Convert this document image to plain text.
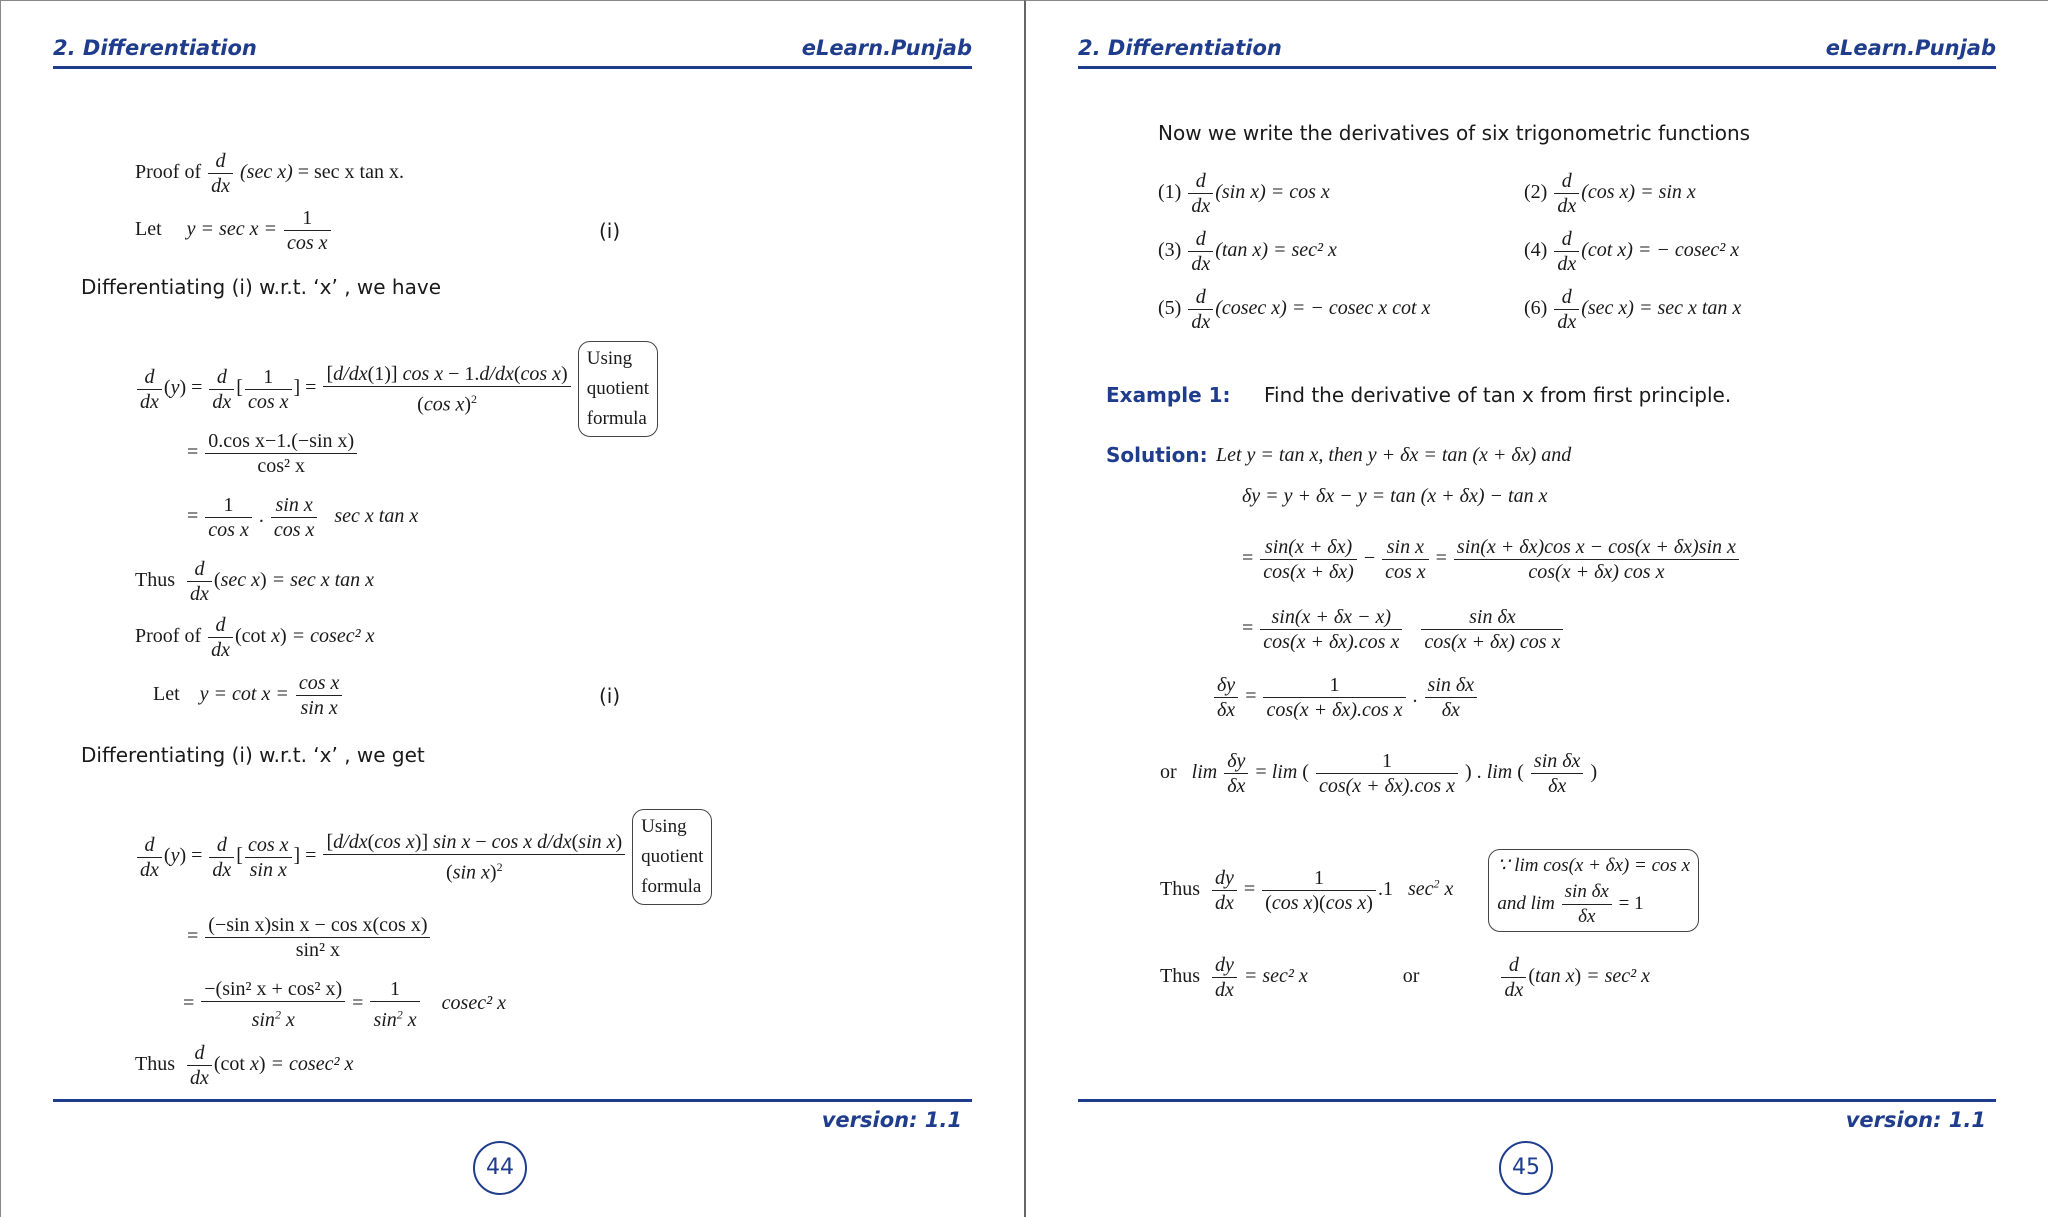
2. Differentiation	eLearn.Punjab
Proof of $\frac{d}{dx} (\sec$ x) = sec x tan x.
Let $y = \sec x = \frac{1}{\text{cos x}}$	(i)
Differentiating (i) w.r.t. ‘x’ , we have
$\frac{d}{dx} (y) = \frac{d}{dx}$ [ $\frac{1}{\text{cos x}}$ ] = $\frac{\text{[d/dx(1)] cos x − 1.d/dx(cos x)}}{(\cos x)^2}$
Using
quotient
formula
= $\frac{\text{0.cos x−1.(−sin x)}}{\text{cos² x}}$
= $\frac{1}{\text{cos x}}$ . $\frac{\text{sin x}}{\text{cos x}}$ sec x tan x
Thus $\frac{d}{dx} (\sec$ x) = sec x tan x
Proof of $\frac{d}{dx} (\cot$ x) = cosec² x
Let $y = \cot x = \frac{\text{cos x}}{\text{sin x}}$	(i)
Differentiating (i) w.r.t. ‘x’ , we get
$\frac{d}{dx} (y) = \frac{d}{dx}$ [ $\frac{\text{cos x}}{\text{sin x}}$ ] = $\frac{\text{[d/dx(cos x)] sin x − cos x d/dx(sin x)}}{(\sin x)^2}$
Using
quotient
formula
= $\frac{\text{(−sin x)sin x − cos x(cos x)}}{\text{sin² x}}$
= $\frac{\text{−(sin² x + cos² x)}}{\sin^2 x} = \frac{1}{\sin^2 x} cosec^2$ x
Thus $\frac{d}{dx} (\cot$ x) = cosec² x
version: 1.1
44
2. Differentiation	eLearn.Punjab
Now we write the derivatives of six trigonometric functions
$(1) \frac{d}{dx} (\sin$ x) = cos x	$(2) \frac{d}{dx} (\cos$ x) = sin x
$(3) \frac{d}{dx} (\tan$ x) = sec² x	$(4) \frac{d}{dx} (\cot$ x) = − cosec² x
$(5) \frac{d}{dx} (cosec$ x) = − cosec x cot x	$(6) \frac{d}{dx} (\sec$ x) = sec x tan x
Example 1: Find the derivative of tan x from first principle.
Solution: Let y = tan x, then y + δx = tan (x + δx) and
δy = y + δx − y = tan (x + δx) − tan x
= $\frac{\sin(x + \delta x)}{\cos(x + \delta x)} - \frac{\text{sin x}}{\text{cos x}} = \frac{\text{sin(x + δx)cos x − cos(x + δx)sin x}}{\text{cos(x + δx) cos x}}$
= $\frac{\sin(x + \delta x - x)}{\text{cos(x + δx).cos x}}$
$\frac{\text{sin δx}}{\text{cos(x + δx) cos x}}$
$\frac{\delta y}{\delta x} = \frac{1}{\text{cos(x + δx).cos x}}$ . $\frac{\text{sin δx}}{\delta x}$
or $\lim \frac{\delta y}{\delta x} = \lim$ ( $\frac{1}{\text{cos(x + δx).cos x}}$ ) . lim ( $\frac{\text{sin δx}}{\delta x}$ )
Thus $\frac{dy}{dx} = \frac{1}{\text{(cos x)(cos x)}} .1$   $\sec^2 x$       ∵ lim cos(x + δx) = cos x
and $\lim \frac{\text{sin δx}}{\delta x} = 1$
Thus $\frac{dy}{dx} = \sec^2$ x	or	$\frac{d}{dx} (\tan$ x) = sec² x
version: 1.1
45
